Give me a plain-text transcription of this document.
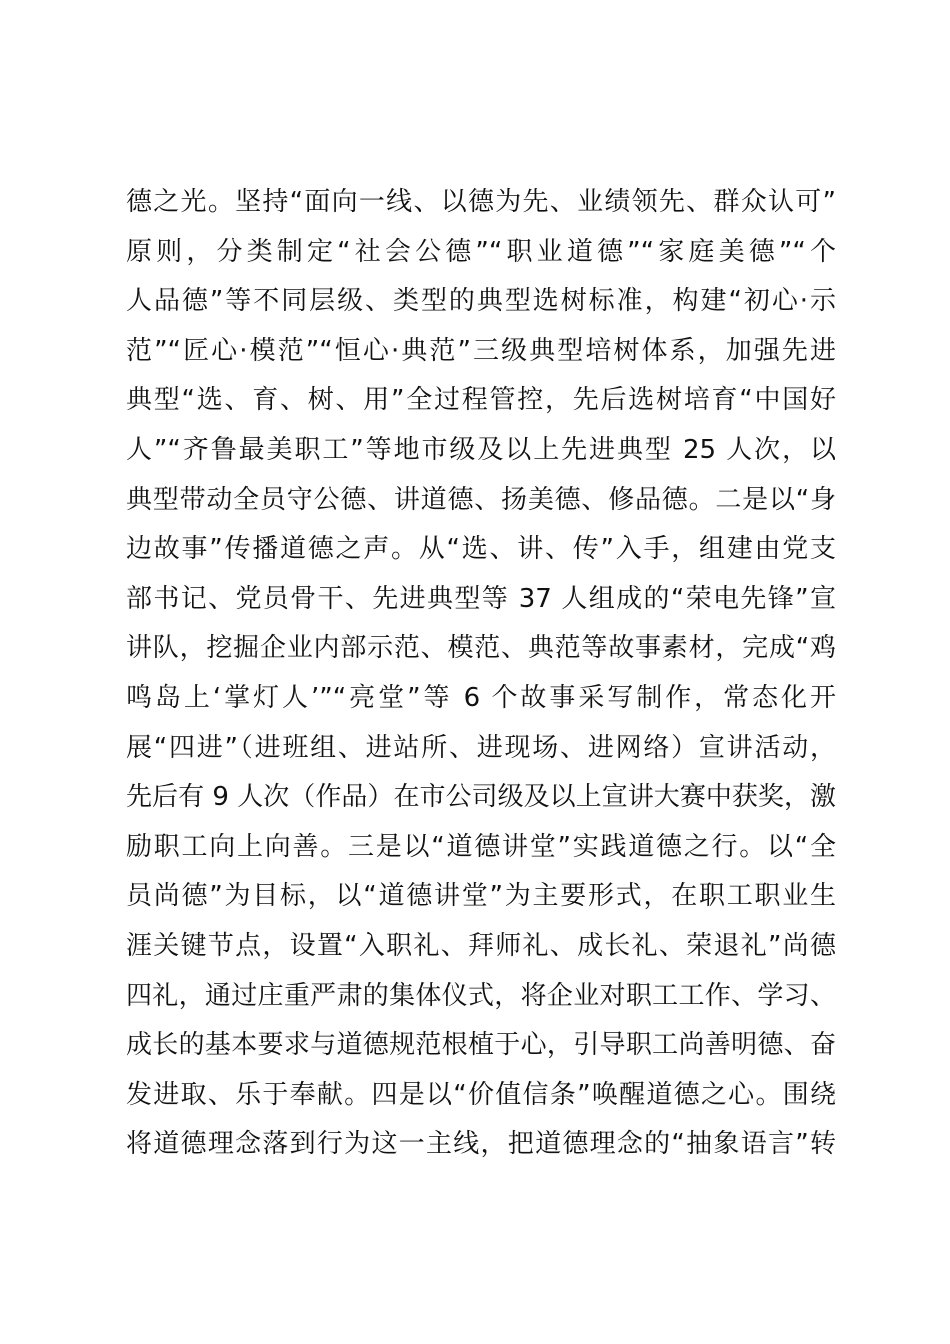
德之光。坚持“面向一线、以德为先、业绩领先、群众认可”
原则，分类制定“社会公德”“职业道德”“家庭美德”“个
人品德”等不同层级、类型的典型选树标准，构建“初心·示
范”“匠心·模范”“恒心·典范”三级典型培树体系，加强先进
典型“选、育、树、用”全过程管控，先后选树培育“中国好
人”“齐鲁最美职工”等地市级及以上先进典型 25 人次，以
典型带动全员守公德、讲道德、扬美德、修品德。二是以“身
边故事”传播道德之声。从“选、讲、传”入手，组建由党支
部书记、党员骨干、先进典型等 37 人组成的“荣电先锋”宣
讲队，挖掘企业内部示范、模范、典范等故事素材，完成“鸡
鸣岛上‘掌灯人’”“亮堂”等 6 个故事采写制作，常态化开
展“四进”（进班组、进站所、进现场、进网络）宣讲活动，
先后有 9 人次（作品）在市公司级及以上宣讲大赛中获奖，激
励职工向上向善。三是以“道德讲堂”实践道德之行。以“全
员尚德”为目标，以“道德讲堂”为主要形式，在职工职业生
涯关键节点，设置“入职礼、拜师礼、成长礼、荣退礼”尚德
四礼，通过庄重严肃的集体仪式，将企业对职工工作、学习、
成长的基本要求与道德规范根植于心，引导职工尚善明德、奋
发进取、乐于奉献。四是以“价值信条”唤醒道德之心。围绕
将道德理念落到行为这一主线，把道德理念的“抽象语言”转
